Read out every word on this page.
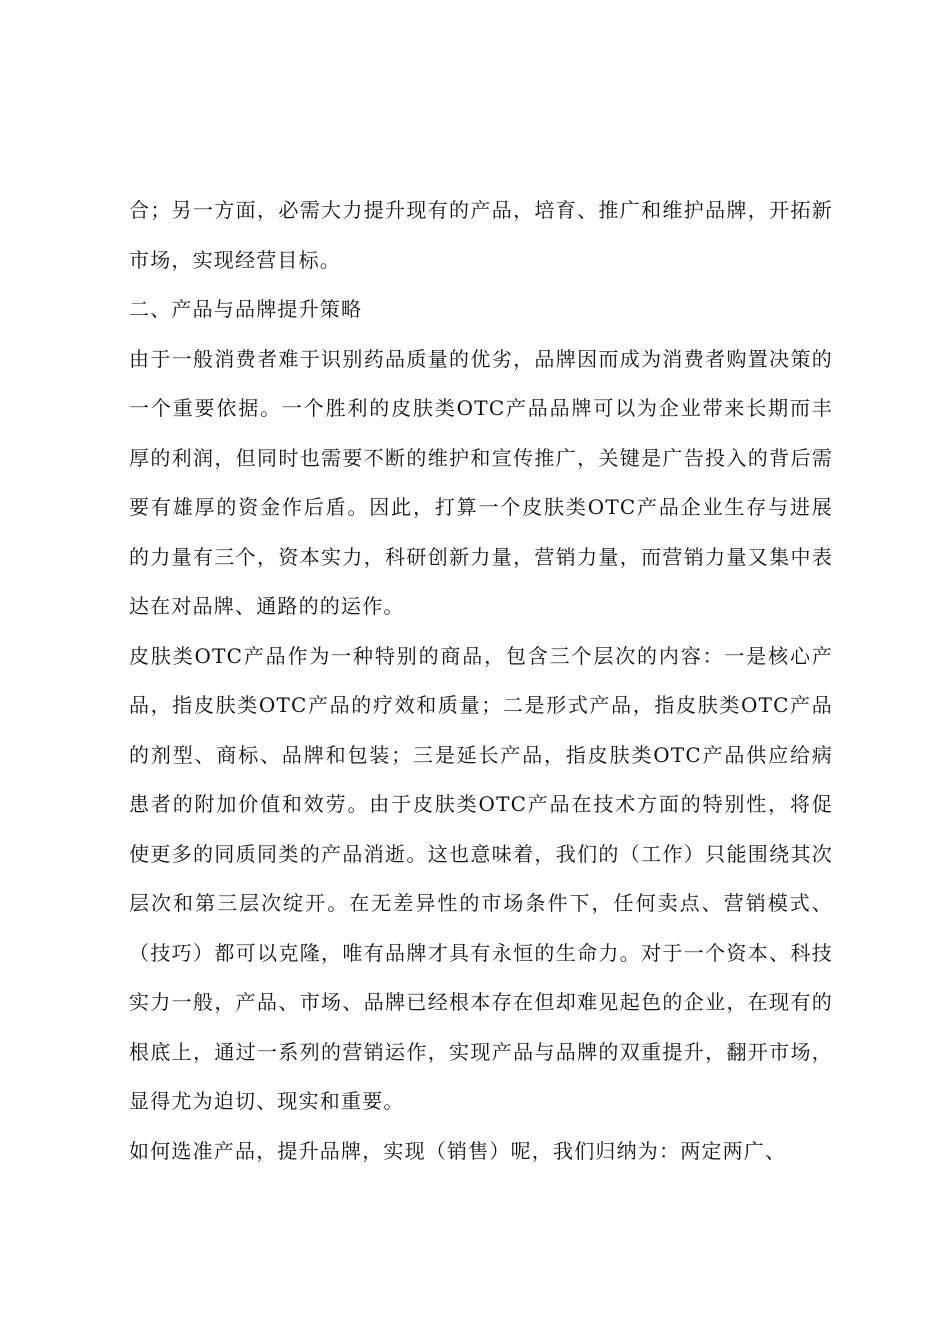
合；另一方面，必需大力提升现有的产品，培育、推广和维护品牌，开拓新市场，实现经营目标。

二、产品与品牌提升策略

由于一般消费者难于识别药品质量的优劣，品牌因而成为消费者购置决策的一个重要依据。一个胜利的皮肤类OTC产品品牌可以为企业带来长期而丰厚的利润，但同时也需要不断的维护和宣传推广，关键是广告投入的背后需要有雄厚的资金作后盾。因此，打算一个皮肤类OTC产品企业生存与进展的力量有三个，资本实力，科研创新力量，营销力量，而营销力量又集中表达在对品牌、通路的的运作。

皮肤类OTC产品作为一种特别的商品，包含三个层次的内容：一是核心产品，指皮肤类OTC产品的疗效和质量；二是形式产品，指皮肤类OTC产品的剂型、商标、品牌和包装；三是延长产品，指皮肤类OTC产品供应给病患者的附加价值和效劳。由于皮肤类OTC产品在技术方面的特别性，将促使更多的同质同类的产品消逝。这也意味着，我们的（工作）只能围绕其次层次和第三层次绽开。在无差异性的市场条件下，任何卖点、营销模式、（技巧）都可以克隆，唯有品牌才具有永恒的生命力。对于一个资本、科技实力一般，产品、市场、品牌已经根本存在但却难见起色的企业，在现有的根底上，通过一系列的营销运作，实现产品与品牌的双重提升，翻开市场，显得尤为迫切、现实和重要。

如何选准产品，提升品牌，实现（销售）呢，我们归纳为：两定两广、
